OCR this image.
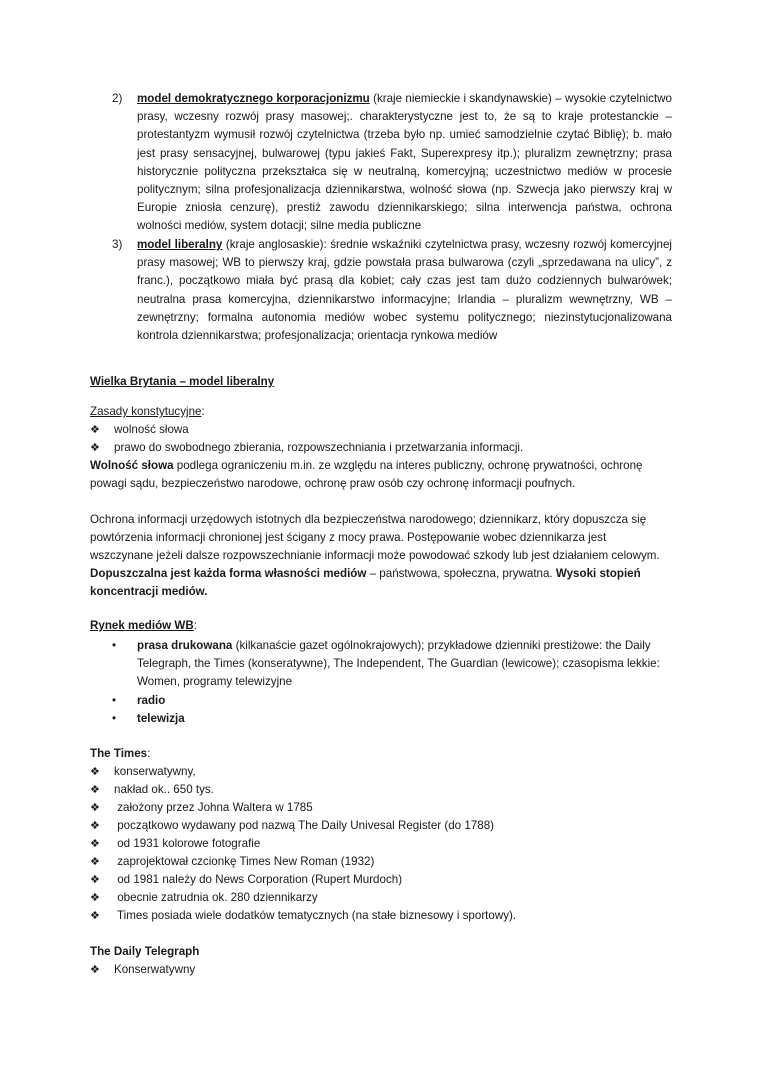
2) model demokratycznego korporacjonizmu (kraje niemieckie i skandynawskie) – wysokie czytelnictwo prasy, wczesny rozwój prasy masowej;. charakterystyczne jest to, że są to kraje protestanckie – protestantyzm wymusił rozwój czytelnictwa (trzeba było np. umieć samodzielnie czytać Biblię); b. mało jest prasy sensacyjnej, bulwarowej (typu jakieś Fakt, Superexpresy itp.); pluralizm zewnętrzny; prasa historycznie polityczna przekształca się w neutralną, komercyjną; uczestnictwo mediów w procesie politycznym; silna profesjonalizacja dziennikarstwa, wolność słowa (np. Szwecja jako pierwszy kraj w Europie zniosła cenzurę), prestiż zawodu dziennikarskiego; silna interwencja państwa, ochrona wolności mediów, system dotacji; silne media publiczne
3) model liberalny (kraje anglosaskie): średnie wskaźniki czytelnictwa prasy, wczesny rozwój komercyjnej prasy masowej; WB to pierwszy kraj, gdzie powstała prasa bulwarowa (czyli „sprzedawana na ulicy”, z franc.), początkowo miała być prasą dla kobiet; cały czas jest tam dużo codziennych bulwarówek; neutralna prasa komercyjna, dziennikarstwo informacyjne; Irlandia – pluralizm wewnętrzny, WB – zewnętrzny; formalna autonomia mediów wobec systemu politycznego; niezinstytucjonalizowana kontrola dziennikarstwa; profesjonalizacja; orientacja rynkowa mediów
Wielka Brytania – model liberalny
Zasady konstytucyjne:
❖ wolność słowa
❖ prawo do swobodnego zbierania, rozpowszechniania i przetwarzania informacji.
Wolność słowa podlega ograniczeniu m.in. ze względu na interes publiczny, ochronę prywatności, ochronę
powagi sądu, bezpieczeństwo narodowe, ochronę praw osób czy ochronę informacji poufnych.
Ochrona informacji urzędowych istotnych dla bezpieczeństwa narodowego; dziennikarz, który dopuszcza się
powtórzenia informacji chronionej jest ścigany z mocy prawa. Postępowanie wobec dziennikarza jest
wszczynane jeżeli dalsze rozpowszechnianie informacji może powodować szkody lub jest działaniem celowym.
Dopuszczalna jest każda forma własności mediów – państwowa, społeczna, prywatna. Wysoki stopień
koncentracji mediów.
Rynek mediów WB:
• prasa drukowana (kilkanaście gazet ogólnokrajowych); przykładowe dzienniki prestiżowe: the Daily
Telegraph, the Times (konseratywne), The Independent, The Guardian (lewicowe); czasopisma lekkie:
Women, programy telewizyjne
• radio
• telewizja
The Times:
❖ konserwatywny,
❖ nakład ok.. 650 tys.
❖ założony przez Johna Waltera w 1785
❖ początkowo wydawany pod nazwą The Daily Univesal Register (do 1788)
❖ od 1931 kolorowe fotografie
❖ zaprojektował czcionkę Times New Roman (1932)
❖ od 1981 należy do News Corporation (Rupert Murdoch)
❖ obecnie zatrudnia ok. 280 dziennikarzy
❖ Times posiada wiele dodatków tematycznych (na stałe biznesowy i sportowy).
The Daily Telegraph
❖ Konserwatywny
